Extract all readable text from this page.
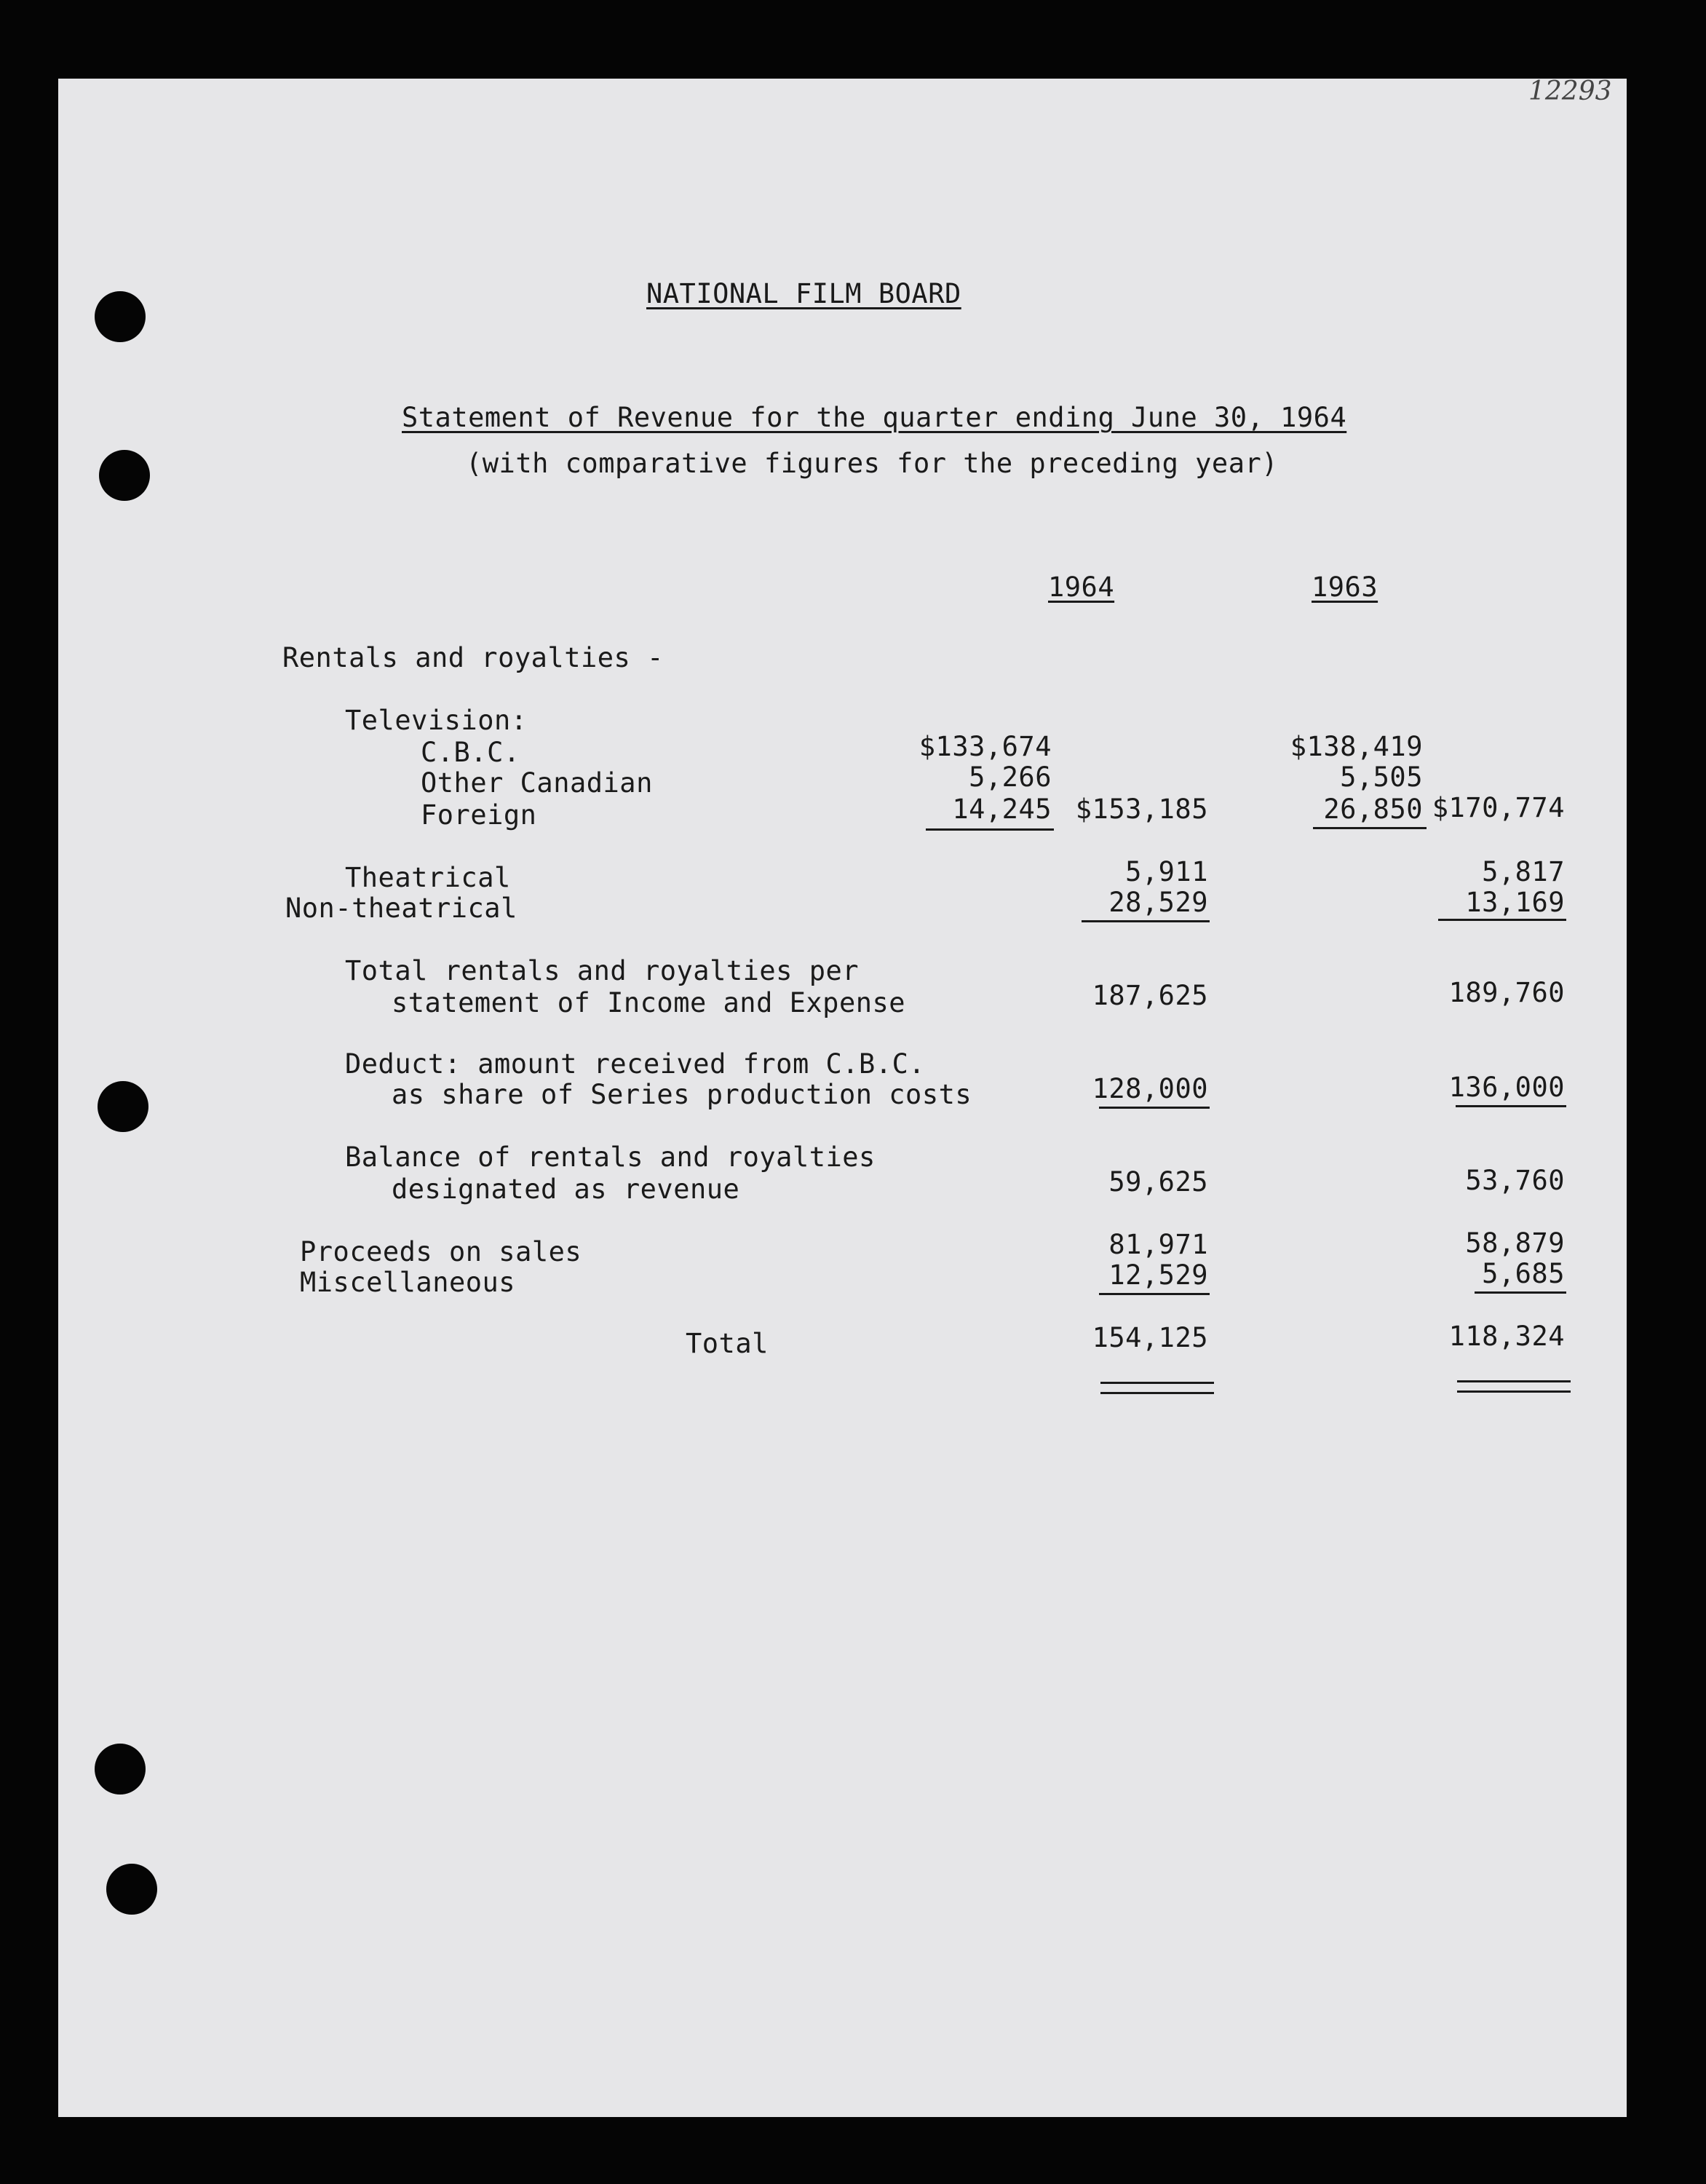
12293
NATIONAL FILM BOARD
Statement of Revenue for the quarter ending June 30, 1964
(with comparative figures for the preceding year)
1964	1963
Rentals and royalties -
Television:
C.B.C.	$133,674	$138,419
Other Canadian	5,266	5,505
Foreign	14,245 $153,185	26,850 $170,774
Theatrical	5,911	5,817
Non-theatrical	28,529	13,169
Total rentals and royalties per
statement of Income and Expense	187,625	189,760
Deduct: amount received from C.B.C.
as share of Series production costs	128,000	136,000
Balance of rentals and royalties
designated as revenue	59,625	53,760
Proceeds on sales	81,971	58,879
Miscellaneous	12,529	5,685
Total	154,125	118,324
